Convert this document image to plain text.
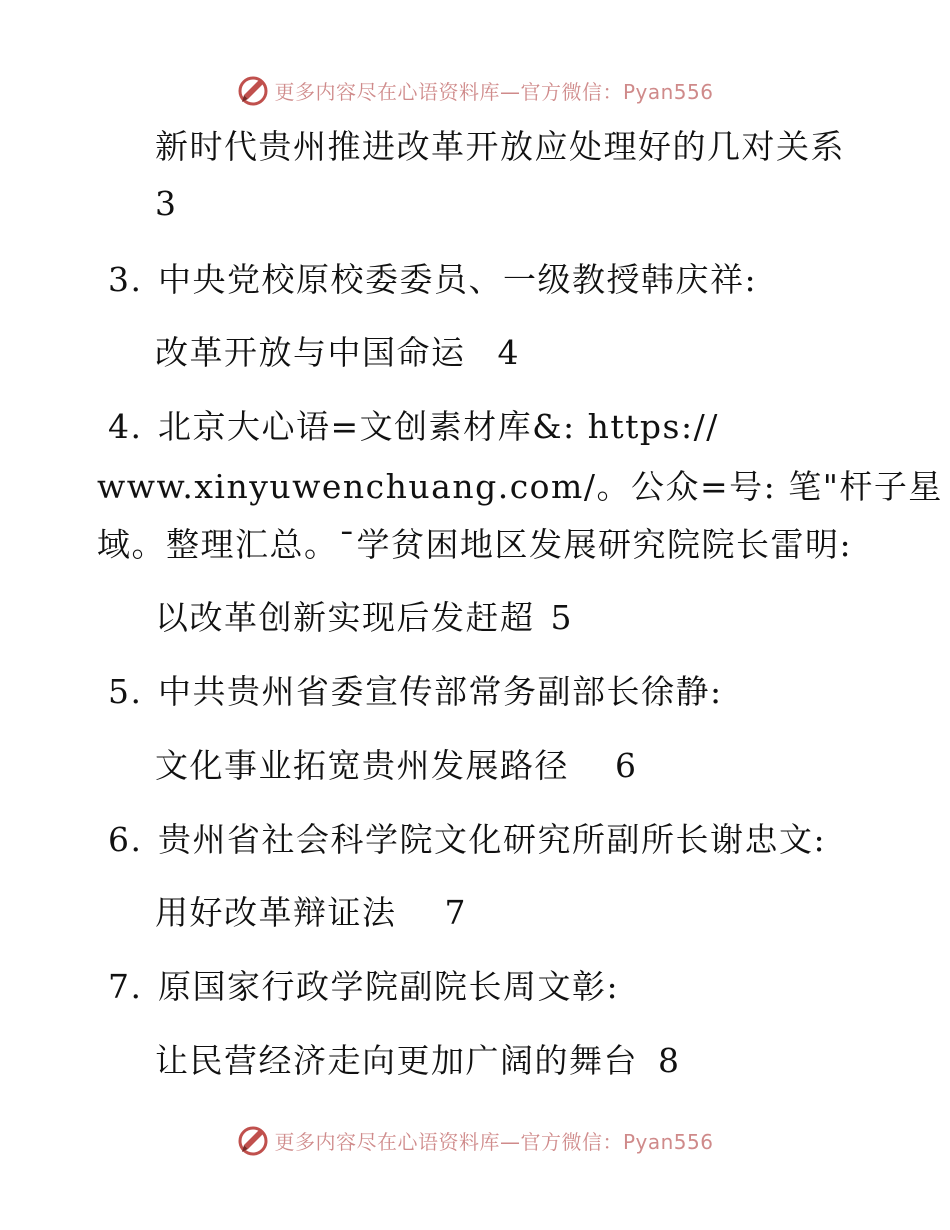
更多内容尽在心语资料库—官方微信：Pyan556
新时代贵州推进改革开放应处理好的几对关系
3
3. 中央党校原校委委员、一级教授韩庆祥:
改革开放与中国命运 4
4. 北京大心语=文创素材库&: https://
www.xinyuwenchuang.com/。公众=号: 笔"杆子星
域。整理汇总。¯学贫困地区发展研究院院长雷明:
以改革创新实现后发赶超 5
5. 中共贵州省委宣传部常务副部长徐静:
文化事业拓宽贵州发展路径 6
6. 贵州省社会科学院文化研究所副所长谢忠文:
用好改革辩证法 7
7. 原国家行政学院副院长周文彰:
让民营经济走向更加广阔的舞台 8
更多内容尽在心语资料库—官方微信：Pyan556
